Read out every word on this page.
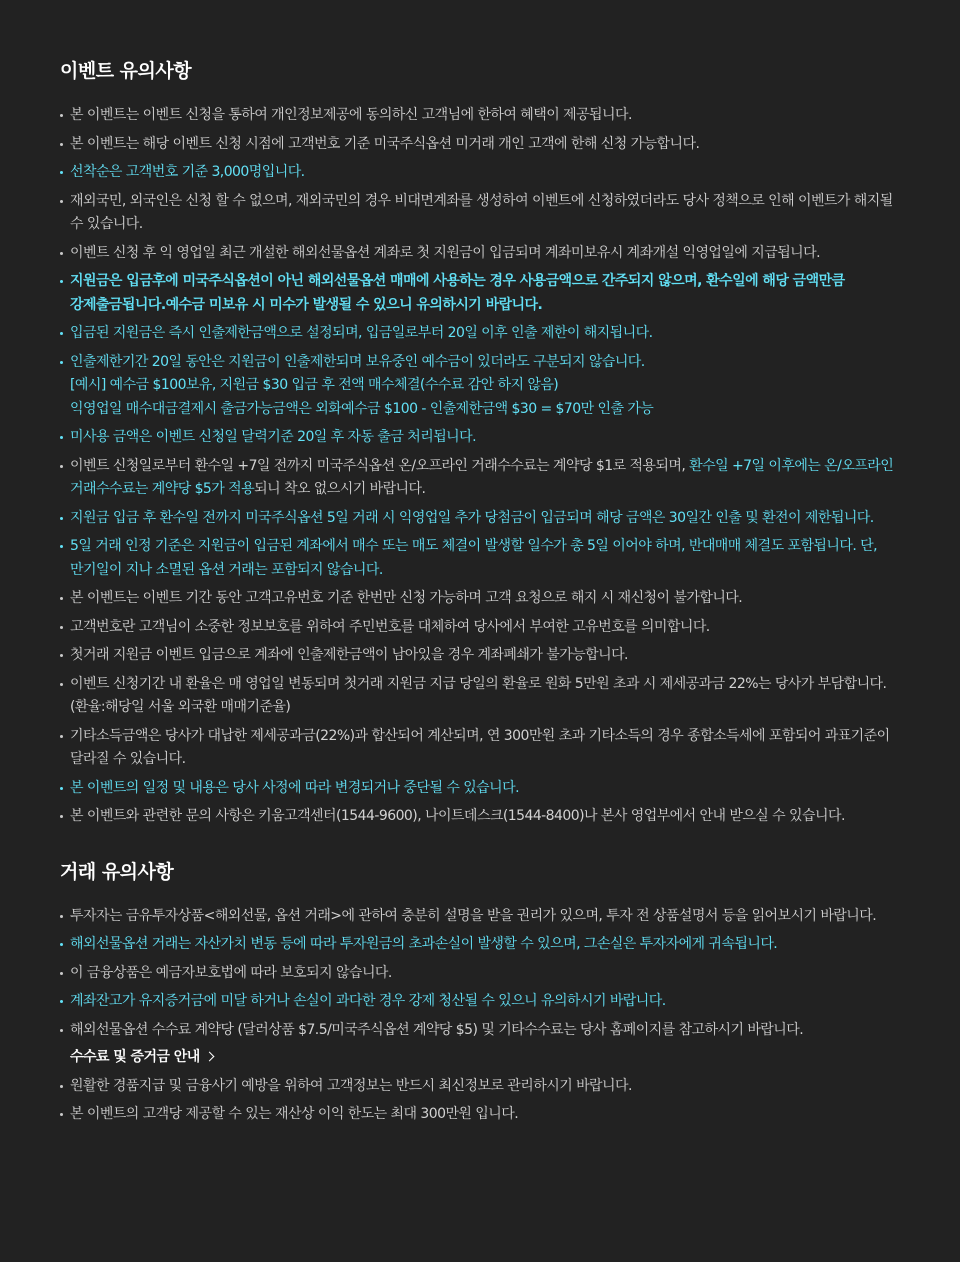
이벤트 유의사항
본 이벤트는 이벤트 신청을 통하여 개인정보제공에 동의하신 고객님에 한하여 혜택이 제공됩니다.
본 이벤트는 해당 이벤트 신청 시점에 고객번호 기준 미국주식옵션 미거래 개인 고객에 한해 신청 가능합니다.
선착순은 고객번호 기준 3,000명입니다.
재외국민, 외국인은 신청 할 수 없으며, 재외국민의 경우 비대면계좌를 생성하여 이벤트에 신청하였더라도 당사 정책으로 인해 이벤트가 해지될 수 있습니다.
이벤트 신청 후 익 영업일 최근 개설한 해외선물옵션 계좌로 첫 지원금이 입금되며 계좌미보유시 계좌개설 익영업일에 지급됩니다.
지원금은 입금후에 미국주식옵션이 아닌 해외선물옵션 매매에 사용하는 경우 사용금액으로 간주되지 않으며, 환수일에 해당 금액만큼 강제출금됩니다.예수금 미보유 시 미수가 발생될 수 있으니 유의하시기 바랍니다.
입금된 지원금은 즉시 인출제한금액으로 설정되며, 입금일로부터 20일 이후 인출 제한이 해지됩니다.
인출제한기간 20일 동안은 지원금이 인출제한되며 보유중인 예수금이 있더라도 구분되지 않습니다.
[예시] 예수금 $100보유, 지원금 $30 입금 후 전액 매수체결(수수료 감안 하지 않음)
익영업일 매수대금결제시 출금가능금액은 외화예수금 $100 - 인출제한금액 $30 = $70만 인출 가능
미사용 금액은 이벤트 신청일 달력기준 20일 후 자동 출금 처리됩니다.
이벤트 신청일로부터 환수일 +7일 전까지 미국주식옵션 온/오프라인 거래수수료는 계약당 $1로 적용되며, 환수일 +7일 이후에는 온/오프라인 거래수수료는 계약당 $5가 적용되니 착오 없으시기 바랍니다.
지원금 입금 후 환수일 전까지 미국주식옵션 5일 거래 시 익영업일 추가 당첨금이 입금되며 해당 금액은 30일간 인출 및 환전이 제한됩니다.
5일 거래 인정 기준은 지원금이 입금된 계좌에서 매수 또는 매도 체결이 발생할 일수가 총 5일 이어야 하며, 반대매매 체결도 포함됩니다. 단, 만기일이 지나 소멸된 옵션 거래는 포함되지 않습니다.
본 이벤트는 이벤트 기간 동안 고객고유번호 기준 한번만 신청 가능하며 고객 요청으로 해지 시 재신청이 불가합니다.
고객번호란 고객님이 소중한 정보보호를 위하여 주민번호를 대체하여 당사에서 부여한 고유번호를 의미합니다.
첫거래 지원금 이벤트 입금으로 계좌에 인출제한금액이 남아있을 경우 계좌폐쇄가 불가능합니다.
이벤트 신청기간 내 환율은 매 영업일 변동되며 첫거래 지원금 지급 당일의 환율로 원화 5만원 초과 시 제세공과금 22%는 당사가 부담합니다. (환율:해당일 서울 외국환 매매기준율)
기타소득금액은 당사가 대납한 제세공과금(22%)과 합산되어 계산되며, 연 300만원 초과 기타소득의 경우 종합소득세에 포함되어 과표기준이 달라질 수 있습니다.
본 이벤트의 일정 및 내용은 당사 사정에 따라 변경되거나 중단될 수 있습니다.
본 이벤트와 관련한 문의 사항은 키움고객센터(1544-9600), 나이트데스크(1544-8400)나 본사 영업부에서 안내 받으실 수 있습니다.
거래 유의사항
투자자는 금유투자상품<해외선물, 옵션 거래>에 관하여 충분히 설명을 받을 권리가 있으며, 투자 전 상품설명서 등을 읽어보시기 바랍니다.
해외선물옵션 거래는 자산가치 변동 등에 따라 투자원금의 초과손실이 발생할 수 있으며, 그손실은 투자자에게 귀속됩니다.
이 금융상품은 예금자보호법에 따라 보호되지 않습니다.
계좌잔고가 유지증거금에 미달 하거나 손실이 과다한 경우 강제 청산될 수 있으니 유의하시기 바랍니다.
해외선물옵션 수수료 계약당 (달러상품 $7.5/미국주식옵션 계약당 $5) 및 기타수수료는 당사 홈페이지를 참고하시기 바랍니다.
수수료 및 증거금 안내
원활한 경품지급 및 금융사기 예방을 위하여 고객정보는 반드시 최신정보로 관리하시기 바랍니다.
본 이벤트의 고객당 제공할 수 있는 재산상 이익 한도는 최대 300만원 입니다.
